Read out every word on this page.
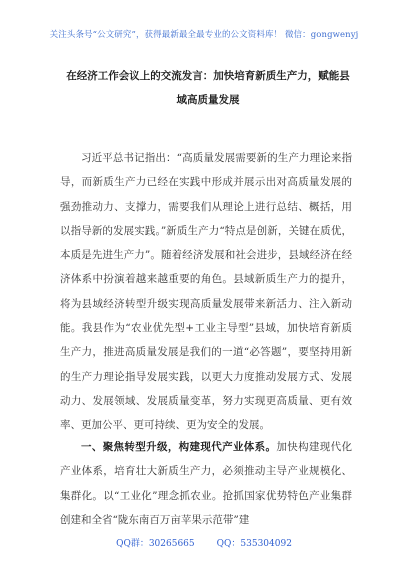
关注头条号“公文研究”，获得最新最全最专业的公文资料库！ 微信：gongwenyj
在经济工作会议上的交流发言：加快培育新质生产力，赋能县域高质量发展

习近平总书记指出：“高质量发展需要新的生产力理论来指导，而新质生产力已经在实践中形成并展示出对高质量发展的强劲推动力、支撑力，需要我们从理论上进行总结、概括，用以指导新的发展实践。”新质生产力“特点是创新，关键在质优，本质是先进生产力”。随着经济发展和社会进步，县域经济在经济体系中扮演着越来越重要的角色。县域新质生产力的提升，将为县域经济转型升级实现高质量发展带来新活力、注入新动能。我县作为“农业优先型+工业主导型”县域，加快培育新质生产力，推进高质量发展是我们的一道“必答题”，要坚持用新的生产力理论指导发展实践，以更大力度推动发展方式、发展动力、发展领域、发展质量变革，努力实现更高质量、更有效率、更加公平、更可持续、更为安全的发展。

一、聚焦转型升级，构建现代产业体系。加快构建现代化产业体系，培育壮大新质生产力，必须推动主导产业规模化、集群化。以“工业化”理念抓农业。抢抓国家优势特色产业集群创建和全省“陇东南百万亩苹果示范带”建

QQ群：30265665 QQ：535304092
